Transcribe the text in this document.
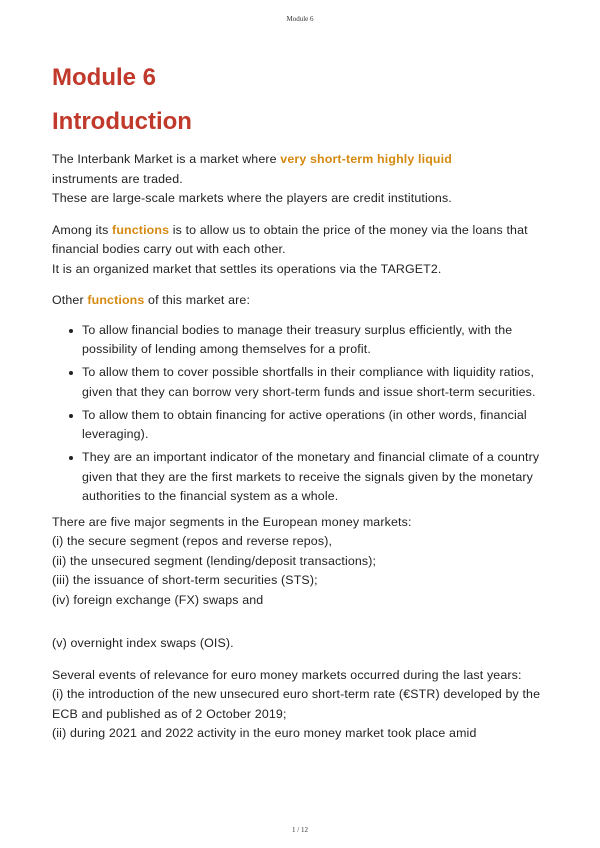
Module 6
Module 6
Introduction

The Interbank Market is a market where very short-term highly liquid
instruments are traded.

These are large-scale markets where the players are credit institutions.

Among its functions is to allow us to obtain the price of the money via the loans that financial bodies carry out with each other.

It is an organized market that settles its operations via the TARGET2.

Other functions of this market are:

To allow financial bodies to manage their treasury surplus efficiently, with the possibility of lending among themselves for a profit.
To allow them to cover possible shortfalls in their compliance with liquidity ratios, given that they can borrow very short-term funds and issue short-term securities.
To allow them to obtain financing for active operations (in other words, financial leveraging).
They are an important indicator of the monetary and financial climate of a country given that they are the first markets to receive the signals given by the monetary authorities to the financial system as a whole.

There are five major segments in the European money markets:

(i) the secure segment (repos and reverse repos),

(ii) the unsecured segment (lending/deposit transactions);

(iii) the issuance of short-term securities (STS);

(iv) foreign exchange (FX) swaps and

(v) overnight index swaps (OIS).

Several events of relevance for euro money markets occurred during the last years:

(i) the introduction of the new unsecured euro short-term rate (€STR) developed by the ECB and published as of 2 October 2019;

(ii) during 2021 and 2022 activity in the euro money market took place amid

1 / 12
